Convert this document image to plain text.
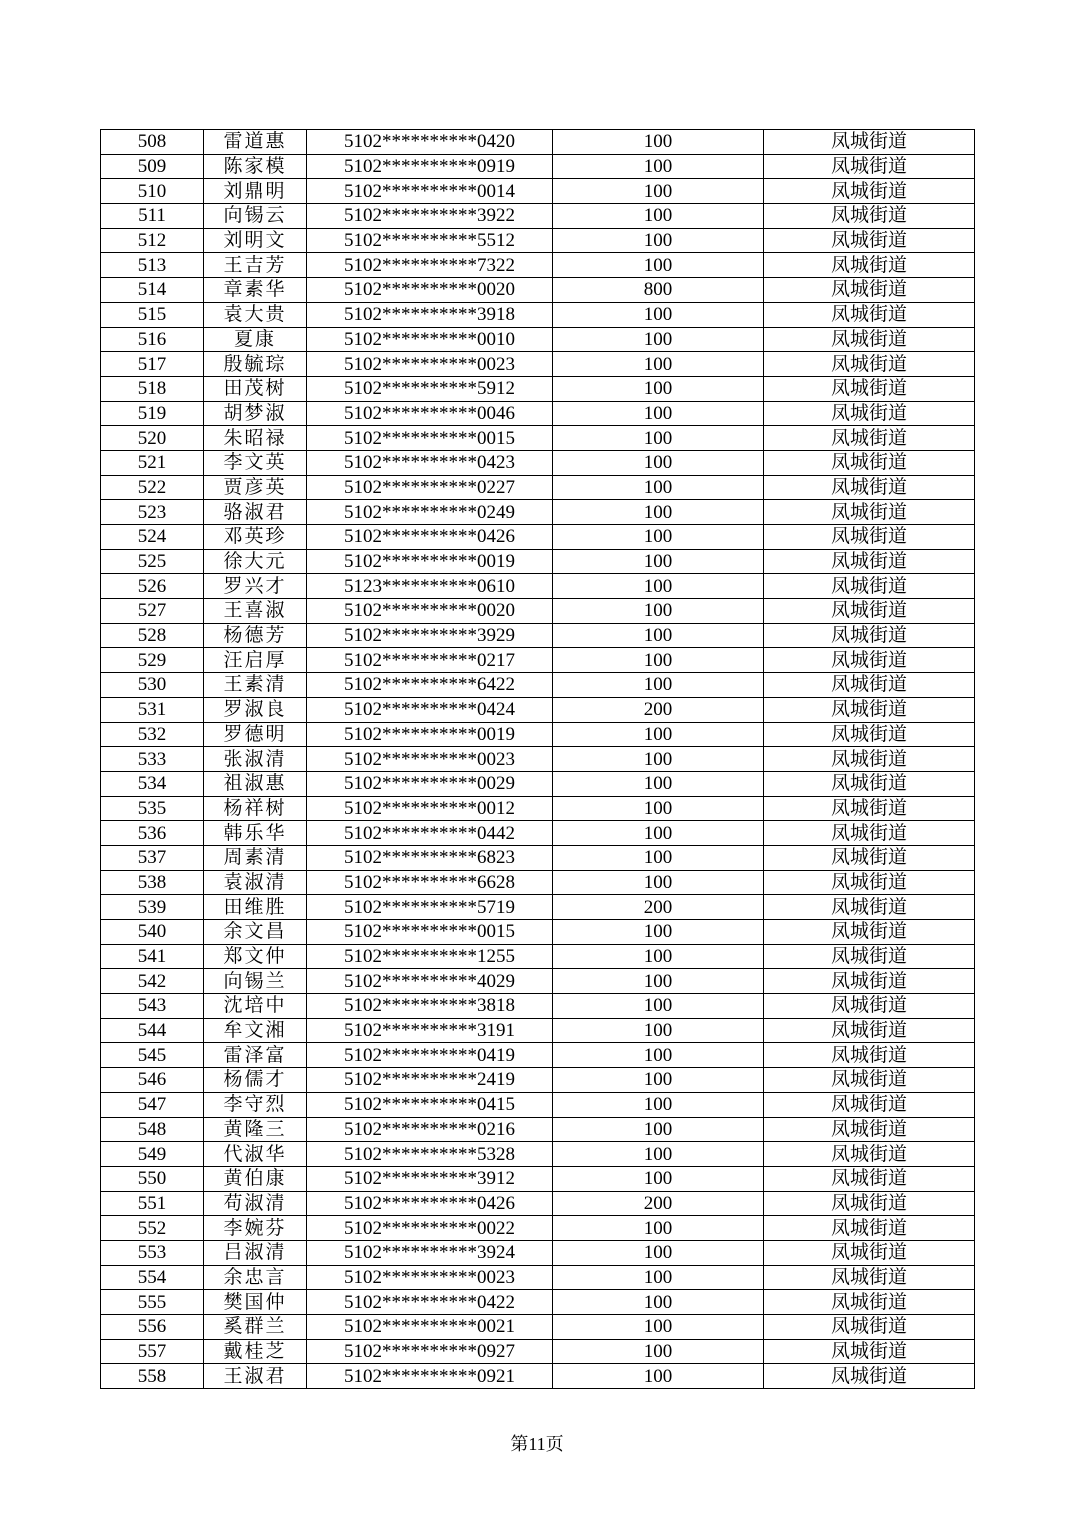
508	雷道惠	5102**********0420	100	凤城街道
509	陈家模	5102**********0919	100	凤城街道
510	刘鼎明	5102**********0014	100	凤城街道
511	向锡云	5102**********3922	100	凤城街道
512	刘明文	5102**********5512	100	凤城街道
513	王吉芳	5102**********7322	100	凤城街道
514	章素华	5102**********0020	800	凤城街道
515	袁大贵	5102**********3918	100	凤城街道
516	夏康	5102**********0010	100	凤城街道
517	殷毓琮	5102**********0023	100	凤城街道
518	田茂树	5102**********5912	100	凤城街道
519	胡梦淑	5102**********0046	100	凤城街道
520	朱昭禄	5102**********0015	100	凤城街道
521	李文英	5102**********0423	100	凤城街道
522	贾彦英	5102**********0227	100	凤城街道
523	骆淑君	5102**********0249	100	凤城街道
524	邓英珍	5102**********0426	100	凤城街道
525	徐大元	5102**********0019	100	凤城街道
526	罗兴才	5123**********0610	100	凤城街道
527	王喜淑	5102**********0020	100	凤城街道
528	杨德芳	5102**********3929	100	凤城街道
529	汪启厚	5102**********0217	100	凤城街道
530	王素清	5102**********6422	100	凤城街道
531	罗淑良	5102**********0424	200	凤城街道
532	罗德明	5102**********0019	100	凤城街道
533	张淑清	5102**********0023	100	凤城街道
534	祖淑惠	5102**********0029	100	凤城街道
535	杨祥树	5102**********0012	100	凤城街道
536	韩乐华	5102**********0442	100	凤城街道
537	周素清	5102**********6823	100	凤城街道
538	袁淑清	5102**********6628	100	凤城街道
539	田维胜	5102**********5719	200	凤城街道
540	余文昌	5102**********0015	100	凤城街道
541	郑文仲	5102**********1255	100	凤城街道
542	向锡兰	5102**********4029	100	凤城街道
543	沈培中	5102**********3818	100	凤城街道
544	牟文湘	5102**********3191	100	凤城街道
545	雷泽富	5102**********0419	100	凤城街道
546	杨儒才	5102**********2419	100	凤城街道
547	李守烈	5102**********0415	100	凤城街道
548	黄隆三	5102**********0216	100	凤城街道
549	代淑华	5102**********5328	100	凤城街道
550	黄伯康	5102**********3912	100	凤城街道
551	苟淑清	5102**********0426	200	凤城街道
552	李婉芬	5102**********0022	100	凤城街道
553	吕淑清	5102**********3924	100	凤城街道
554	余忠言	5102**********0023	100	凤城街道
555	樊国仲	5102**********0422	100	凤城街道
556	奚群兰	5102**********0021	100	凤城街道
557	戴桂芝	5102**********0927	100	凤城街道
558	王淑君	5102**********0921	100	凤城街道
第11页
